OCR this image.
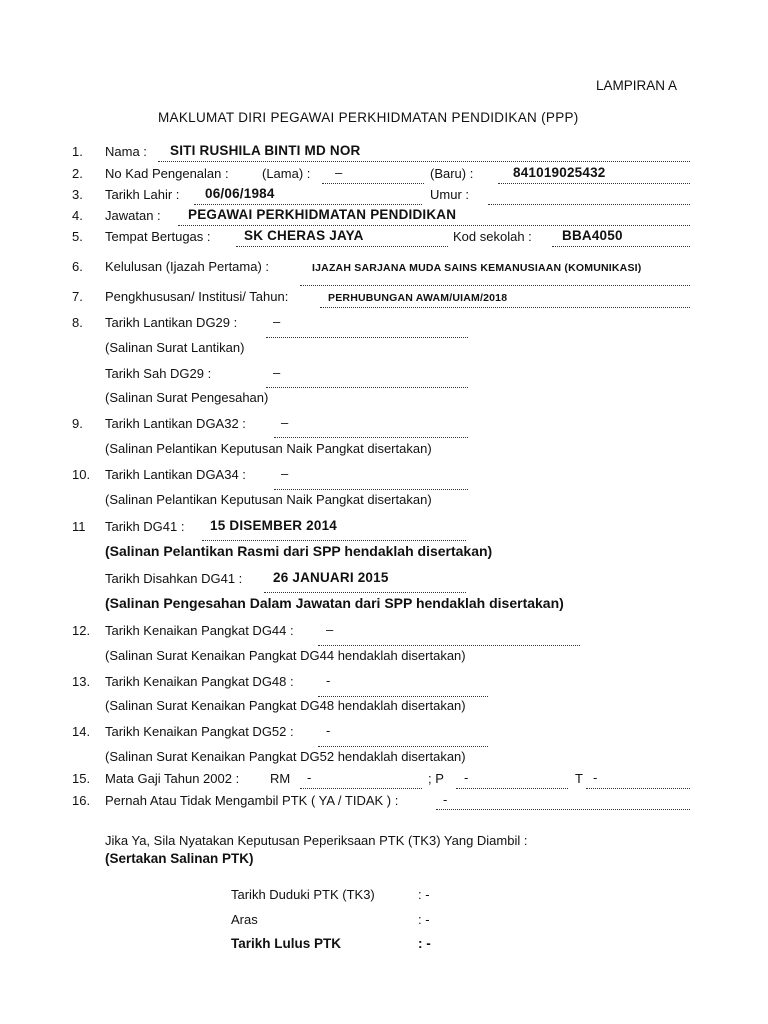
LAMPIRAN A
MAKLUMAT DIRI PEGAWAI PERKHIDMATAN PENDIDIKAN (PPP)
1. Nama : SITI RUSHILA BINTI MD NOR
2. No Kad Pengenalan :	(Lama) : –	(Baru) :	841019025432
3. Tarikh Lahir : 06/06/1984	Umur :
4. Jawatan : PEGAWAI PERKHIDMATAN PENDIDIKAN
5. Tempat Bertugas : SK CHERAS JAYA	Kod sekolah : BBA4050
6. Kelulusan (Ijazah Pertama) :	IJAZAH SARJANA MUDA SAINS KEMANUSIAAN (KOMUNIKASI)
7. Pengkhususan/ Institusi/ Tahun:	PERHUBUNGAN AWAM/UIAM/2018
8. Tarikh Lantikan DG29 :	–
(Salinan Surat Lantikan)
Tarikh Sah DG29 :	–
(Salinan Surat Pengesahan)
9. Tarikh Lantikan DGA32 :	–
(Salinan Pelantikan Keputusan Naik Pangkat disertakan)
10. Tarikh Lantikan DGA34 :	–
(Salinan Pelantikan Keputusan Naik Pangkat disertakan)
11 Tarikh DG41 : 15 DISEMBER 2014
(Salinan Pelantikan Rasmi dari SPP hendaklah disertakan)
Tarikh Disahkan DG41 : 26 JANUARI 2015
(Salinan Pengesahan Dalam Jawatan dari SPP hendaklah disertakan)
12. Tarikh Kenaikan Pangkat DG44 : –
(Salinan Surat Kenaikan Pangkat DG44 hendaklah disertakan)
13. Tarikh Kenaikan Pangkat DG48 : -
(Salinan Surat Kenaikan Pangkat DG48 hendaklah disertakan)
14. Tarikh Kenaikan Pangkat DG52 : -
(Salinan Surat Kenaikan Pangkat DG52 hendaklah disertakan)
15. Mata Gaji Tahun 2002 : RM -	; P -	T -
16. Pernah Atau Tidak Mengambil PTK ( YA / TIDAK ) :	-
Jika Ya, Sila Nyatakan Keputusan Peperiksaan PTK (TK3) Yang Diambil :
(Sertakan Salinan PTK)
Tarikh Duduki PTK (TK3)	: -
Aras	: -
Tarikh Lulus PTK	: -
